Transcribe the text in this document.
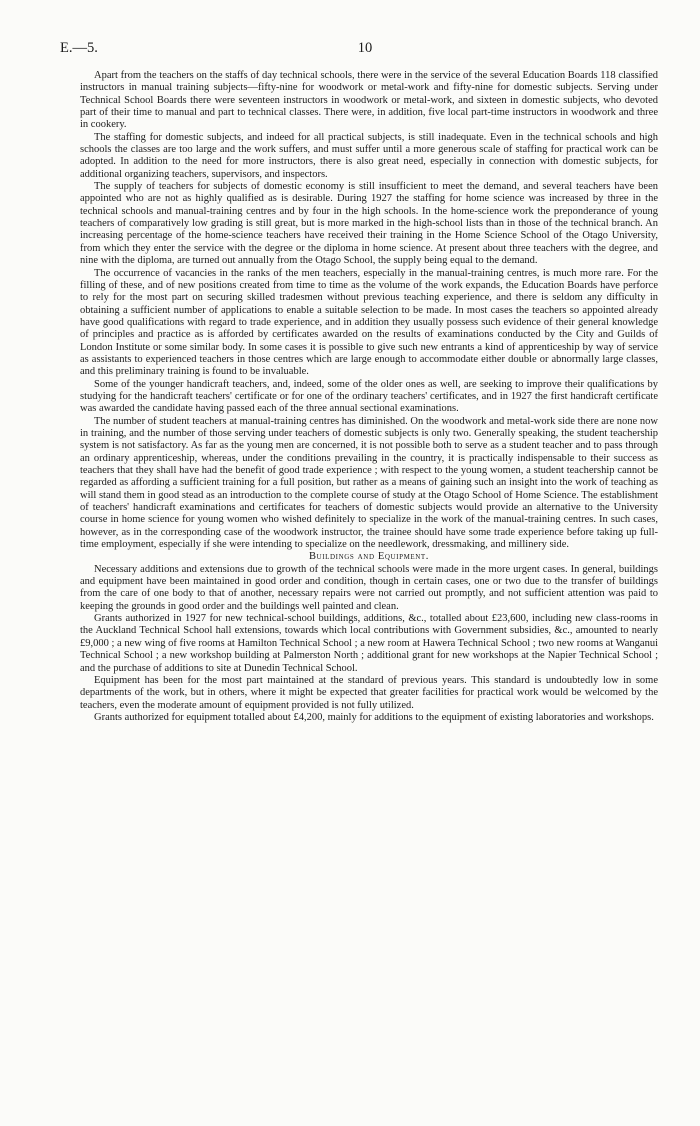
E.—5.	10

Apart from the teachers on the staffs of day technical schools, there were in the service of the several Education Boards 118 classified instructors in manual training subjects—fifty-nine for woodwork or metal-work and fifty-nine for domestic subjects. Serving under Technical School Boards there were seventeen instructors in woodwork or metal-work, and sixteen in domestic subjects, who devoted part of their time to manual and part to technical classes. There were, in addition, five local part-time instructors in woodwork and three in cookery.

The staffing for domestic subjects, and indeed for all practical subjects, is still inadequate. Even in the technical schools and high schools the classes are too large and the work suffers, and must suffer until a more generous scale of staffing for practical work can be adopted. In addition to the need for more instructors, there is also great need, especially in connection with domestic subjects, for additional organizing teachers, supervisors, and inspectors.

The supply of teachers for subjects of domestic economy is still insufficient to meet the demand, and several teachers have been appointed who are not as highly qualified as is desirable. During 1927 the staffing for home science was increased by three in the technical schools and manual-training centres and by four in the high schools. In the home-science work the preponderance of young teachers of comparatively low grading is still great, but is more marked in the high-school lists than in those of the technical branch. An increasing percentage of the home-science teachers have received their training in the Home Science School of the Otago University, from which they enter the service with the degree or the diploma in home science. At present about three teachers with the degree, and nine with the diploma, are turned out annually from the Otago School, the supply being equal to the demand.

The occurrence of vacancies in the ranks of the men teachers, especially in the manual-training centres, is much more rare. For the filling of these, and of new positions created from time to time as the volume of the work expands, the Education Boards have perforce to rely for the most part on securing skilled tradesmen without previous teaching experience, and there is seldom any difficulty in obtaining a sufficient number of applications to enable a suitable selection to be made. In most cases the teachers so appointed already have good qualifications with regard to trade experience, and in addition they usually possess such evidence of their general knowledge of principles and practice as is afforded by certificates awarded on the results of examinations conducted by the City and Guilds of London Institute or some similar body. In some cases it is possible to give such new entrants a kind of apprenticeship by way of service as assistants to experienced teachers in those centres which are large enough to accommodate either double or abnormally large classes, and this preliminary training is found to be invaluable.

Some of the younger handicraft teachers, and, indeed, some of the older ones as well, are seeking to improve their qualifications by studying for the handicraft teachers' certificate or for one of the ordinary teachers' certificates, and in 1927 the first handicraft certificate was awarded the candidate having passed each of the three annual sectional examinations.

The number of student teachers at manual-training centres has diminished. On the woodwork and metal-work side there are none now in training, and the number of those serving under teachers of domestic subjects is only two. Generally speaking, the student teachership system is not satisfactory. As far as the young men are concerned, it is not possible both to serve as a student teacher and to pass through an ordinary apprenticeship, whereas, under the conditions prevailing in the country, it is practically indispensable to their success as teachers that they shall have had the benefit of good trade experience ; with respect to the young women, a student teachership cannot be regarded as affording a sufficient training for a full position, but rather as a means of gaining such an insight into the work of teaching as will stand them in good stead as an introduction to the complete course of study at the Otago School of Home Science. The establishment of teachers' handicraft examinations and certificates for teachers of domestic subjects would provide an alternative to the University course in home science for young women who wished definitely to specialize in the work of the manual-training centres. In such cases, however, as in the corresponding case of the woodwork instructor, the trainee should have some trade experience before taking up full-time employment, especially if she were intending to specialize on the needlework, dressmaking, and millinery side.

Buildings and Equipment.

Necessary additions and extensions due to growth of the technical schools were made in the more urgent cases. In general, buildings and equipment have been maintained in good order and condition, though in certain cases, one or two due to the transfer of buildings from the care of one body to that of another, necessary repairs were not carried out promptly, and not sufficient attention was paid to keeping the grounds in good order and the buildings well painted and clean.

Grants authorized in 1927 for new technical-school buildings, additions, &c., totalled about £23,600, including new class-rooms in the Auckland Technical School hall extensions, towards which local contributions with Government subsidies, &c., amounted to nearly £9,000 ; a new wing of five rooms at Hamilton Technical School ; a new room at Hawera Technical School ; two new rooms at Wanganui Technical School ; a new workshop building at Palmerston North ; additional grant for new workshops at the Napier Technical School ; and the purchase of additions to site at Dunedin Technical School.

Equipment has been for the most part maintained at the standard of previous years. This standard is undoubtedly low in some departments of the work, but in others, where it might be expected that greater facilities for practical work would be welcomed by the teachers, even the moderate amount of equipment provided is not fully utilized.

Grants authorized for equipment totalled about £4,200, mainly for additions to the equipment of existing laboratories and workshops.
